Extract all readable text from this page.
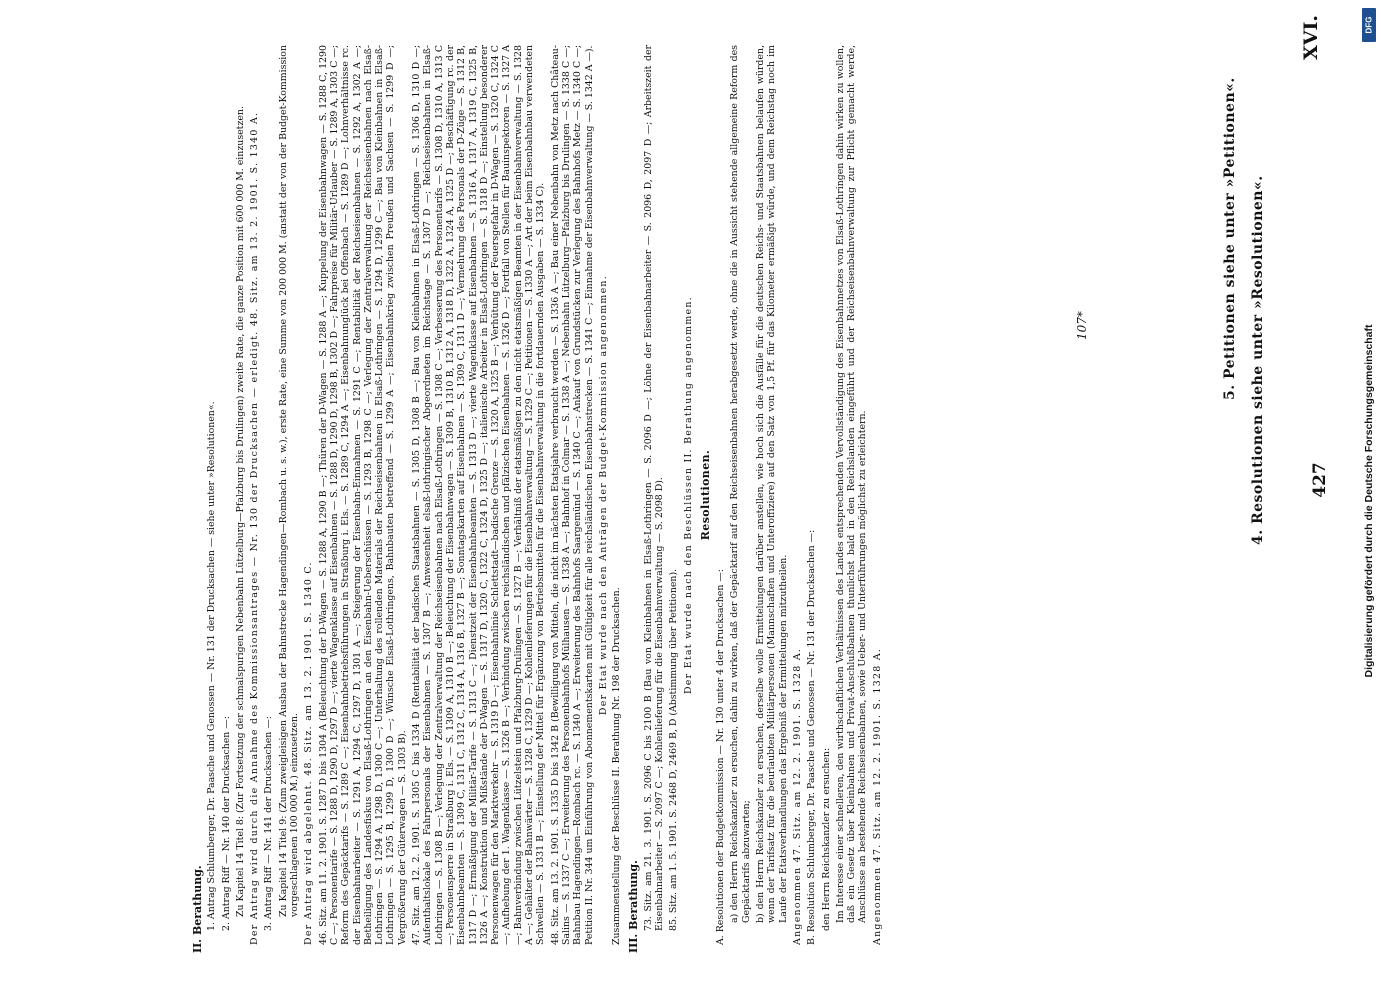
427
XVI.
4. Resolutionen siehe unter »Resolutionen«.
5. Petitionen siehe unter »Petitionen«.
II. Berathung. 1. Antrag Schlumberger, Dr. Paasche und Genossen — Nr. 131 der Drucksachen — siehe unter »Resolutionen«. 2. Antrag Riff — Nr. 140 der Drucksachen —: Zu Kapitel 14 Titel 8: (Zur Fortsetzung der schmalspurigen Nebenbahn Lützelburg—Pfalzburg bis Drulingen) zweite Rate, die ganze Position mit 600 000 M. einzusetzen. Der Antrag wird durch die Annahme des Kommissionsantrages — Nr. 130 der Drucksachen — erledigt. 48. Sitz. am 13. 2. 1901. S. 1340 A. 3. Antrag Riff — Nr. 141 der Drucksachen —: Zu Kapitel 14 Titel 9: (Zum zweigleisigen Ausbau der Bahnstrecke Hagendingen—Rombach u. s. w.), erste Rate, eine Summe von 200 000 M. (anstatt der von der Budget-Kommission vorgeschlagenen 100 000 M.) einzusetzen. Der Antrag wird abgelehnt. 48. Sitz. am 13. 2. 1901. S. 1340 C. 46. Sitz. am 11. 2. 1901. S. 1287 D bis 1304 A (Beleuchtung der D-Wagen — S. 1288 A, 1290 B —; Thüren der D-Wagen — S. 1288 A —; Kuppelung der Eisenbahnwagen — S. 1288 C, 1290 C —; Personentarife — S. 1288 D, 1290 D, 1297 D —; vierte Wagenklasse auf Eisenbahnen — S. 1288 D, 1290 D, 1298 B, 1302 D —; Fahrpreise für Militär-Urlauber — S. 1289 A, 1303 C —; Reform des Gepäcktarifs — S. 1289 C —; Eisenbahnbetriebsführungen in Straßburg i. Els. — S. 1289 C, 1294 A —; Eisenbahnunglück bei Offenbach — S. 1289 D —; Lohnverhältnisse rc. der Eisenbahnarbeiter — S. 1291 A, 1294 C, 1297 D, 1301 A —; Steigerung der Eisenbahn-Einnahmen — S. 1291 C —; Rentabilität der Reichseisenbahnen — S. 1292 A, 1302 A —; Betheiligung des Landesfiskus von Elsaß-Lothringen an den Eisenbahn-Ueberschüssen — S. 1293 B, 1298 C —; Verlegung der Zentralverwaltung der Reichseisenbahnen nach Elsaß-Lothringen — S. 1294 A, 1298 D, 1300 C —; Unterhaltung des rollenden Materials der Reichseisenbahnen in Elsaß-Lothringen — S. 1294 D, 1299 C —; Bau von Kleinbahnen in Elsaß-Lothringen — S. 1295 B, 1299 D, 1300 D —; Wünsche Elsaß-Lothringens, Bahnbauten betreffend — S. 1299 A —; Eisenbahnkrieg zwischen Preußen und Sachsen — S. 1299 D —; Vergrößerung der Güterwagen — S. 1303 B). 47. Sitz. am 12. 2. 1901. S. 1305 C bis 1334 D (Rentabilität der badischen Staatsbahnen — S. 1305 D, 1308 B —; Bau von Kleinbahnen in Elsaß-Lothringen — S. 1306 D, 1310 D —; Aufenthaltslokale des Fahrpersonals der Eisenbahnen — S. 1307 B —; Anwesenheit elsaß-lothringischer Abgeordneten im Reichstage — S. 1307 D —; Reichseisenbahnen in Elsaß-Lothringen — S. 1308 B —; Verlegung der Zentralverwaltung der Reichseisenbahnen nach Elsaß-Lothringen — S. 1308 C —; Verbesserung des Personentarifs — S. 1308 D, 1310 A, 1313 C —; Personensperre in Straßburg i. Els. — S. 1309 A, 1310 B —; Beleuchtung der Eisenbahnwagen — S. 1309 B, 1310 B, 1312 A, 1318 D, 1322 A, 1324 A, 1325 D —; Beschäftigung rc. der Eisenbahnbeamten — S. 1309 C, 1311 C, 1312 C, 1314 A, 1316 B, 1327 B —; Sonntagskarten auf Eisenbahnen — S. 1309 C, 1311 D —; Vermehrung des Personals der D-Züge — S. 1312 B, 1317 D —; Ermäßigung der Militär-Tarife — S. 1313 C —; Dienstzeit der Eisenbahnbeamten — S. 1313 D —; vierte Wagenklasse auf Eisenbahnen — S. 1316 A, 1317 A, 1319 C, 1325 B, 1326 A —; Konstruktion und Mißstände der D-Wagen — S. 1317 D, 1320 C, 1322 C, 1324 D, 1325 D —; italienische Arbeiter in Elsaß-Lothringen — S. 1318 D —; Einstellung besonderer Personenwagen für den Marktverkehr — S. 1319 D —; Eisenbahnlinie Schlettstadt—badische Grenze — S. 1320 A, 1325 B —; Verhütung der Feuersgefahr in D-Wagen — S. 1320 C, 1324 C —; Aufhebung der 1. Wagenklasse — S. 1326 B —; Verbindung zwischen reichsländischen und pfälzischen Eisenbahnen — S. 1326 D —; Fortfall von Stellen für Bauinspektoren — S. 1327 A —; Bahnverbindung zwischen Lützelstein und Pfalzburg-Drulingen — S. 1327 B —; Verhältniß der etatsmäßigen zu den nicht etatsmäßigen Beamten in der Eisenbahnverwaltung — S. 1328 A —; Gehälter der Bahnwärter — S. 1328 C, 1329 D —; Kohlenlieferungen für die Eisenbahnverwaltung — S. 1329 C —; Petitionen — S. 1330 A —; Art der beim Eisenbahnbau verwendeten Schwellen — S. 1331 B —; Einstellung der Mittel für Ergänzung von Betriebsmitteln für die Eisenbahnverwaltung in die fortdauernden Ausgaben — S. 1334 C). 48. Sitz. am 13. 2. 1901. S. 1335 D bis 1342 B (Bewilligung von Mitteln, die nicht im nächsten Etatsjahre verbraucht werden — S. 1336 A —; Bau einer Nebenbahn von Metz nach Château-Salins — S. 1337 C —; Erweiterung des Personenbahnhofs Mülhausen — S. 1338 A —; Bahnhof in Colmar — S. 1338 A —; Nebenbahn Lützelburg—Pfalzburg bis Drulingen — S. 1338 C —; Bahnbau Hagendingen—Rombach rc. — S. 1340 A —; Erweiterung des Bahnhofs Saargemünd — S. 1340 C —; Ankauf von Grundstücken zur Verlegung des Bahnhofs Metz — S. 1340 C —; Petition II. Nr. 344 um Einführung von Abonnementskarten mit Gültigkeit für alle reichsländischen Eisenbahnstrecken — S. 1341 C —; Einnahme der Eisenbahnverwaltung — S. 1342 A —). Der Etat wurde nach den Anträgen der Budget-Kommission angenommen.
Zusammenstellung der Beschlüsse II. Berathung Nr. 198 der Drucksachen. III. Berathung. 73. Sitz. am 21. 3. 1901. S. 2096 C bis 2100 B (Bau von Kleinbahnen in Elsaß-Lothringen — S. 2096 D —; Löhne der Eisenbahnarbeiter — S. 2096 D, 2097 D —; Arbeitszeit der Eisenbahnarbeiter — S. 2097 C —; Kohlenlieferung für die Eisenbahnverwaltung — S. 2098 D). 85. Sitz. am 1. 5. 1901. S. 2468 D, 2469 B, D (Abstimmung über Petitionen).
Der Etat wurde nach den Beschlüssen II. Berathung angenommen. Resolutionen.
A. Resolutionen der Budgetkommission — Nr. 130 unter 4 der Drucksachen —: a) den Herrn Reichskanzler zu ersuchen, dahin zu wirken, daß der Gepäcktarif auf den Reichseisenbahnen herabgesetzt werde, ohne die in Aussicht stehende allgemeine Reform des Gepäcktarifs abzuwarten; b) den Herrn Reichskanzler zu ersuchen, derselbe wolle Ermittelungen darüber anstellen, wie hoch sich die Ausfälle für die deutschen Reichs- und Staatsbahnen belaufen würden, wenn der Tarifsatz für die beurlaubten Militärpersonen (Mannschaften und Unteroffiziere) auf den Satz von 1,5 Pf. für das Kilometer ermäßigt würde, und dem Reichstag noch im Laufe der Etatsverhandlungen das Ergebniß der Ermittelungen mitzutheilen. Angenommen 47. Sitz. am 12. 2. 1901. S. 1328 A. B. Resolution Schlumberger, Dr. Paasche und Genossen — Nr. 131 der Drucksachen —: den Herrn Reichskanzler zu ersuchen: Im Interesse einer schnelleren, den wirthschaftlichen Verhältnissen des Landes entsprechenden Vervollständigung des Eisenbahnnetzes von Elsaß-Lothringen dahin wirken zu wollen, daß ein Gesetz über Kleinbahnen und Privat-Anschlußbahnen thunlichst bald in den Reichslanden eingeführt und der Reichseisenbahnverwaltung zur Pflicht gemacht werde, Anschlüsse an bestehende Reichseisenbahnen, sowie Ueber- und Unterführungen möglichst zu erleichtern. Angenommen 47. Sitz. am 12. 2. 1901. S. 1328 A.
107*	Digitalisierung gefördert durch die Deutsche Forschungsgemeinschaft
DFG
